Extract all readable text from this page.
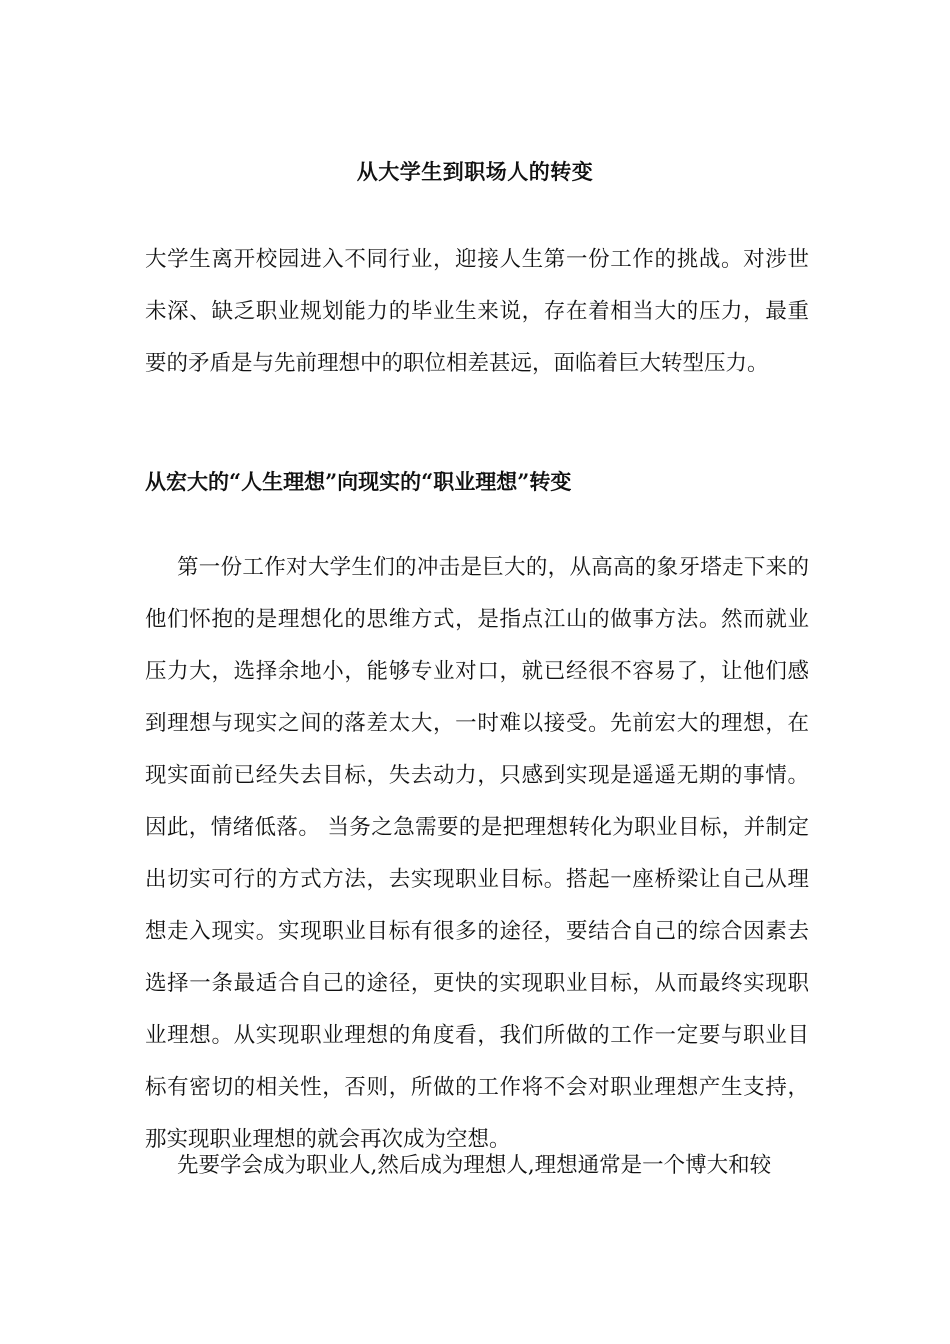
从大学生到职场人的转变
大学生离开校园进入不同行业，迎接人生第一份工作的挑战。对涉世未深、缺乏职业规划能力的毕业生来说，存在着相当大的压力，最重要的矛盾是与先前理想中的职位相差甚远，面临着巨大转型压力。
从宏大的“人生理想”向现实的“职业理想”转变
第一份工作对大学生们的冲击是巨大的，从高高的象牙塔走下来的他们怀抱的是理想化的思维方式，是指点江山的做事方法。然而就业压力大，选择余地小，能够专业对口，就已经很不容易了，让他们感到理想与现实之间的落差太大，一时难以接受。先前宏大的理想，在现实面前已经失去目标，失去动力，只感到实现是遥遥无期的事情。因此，情绪低落。 当务之急需要的是把理想转化为职业目标，并制定出切实可行的方式方法，去实现职业目标。搭起一座桥梁让自己从理想走入现实。实现职业目标有很多的途径，要结合自己的综合因素去选择一条最适合自己的途径，更快的实现职业目标，从而最终实现职业理想。从实现职业理想的角度看，我们所做的工作一定要与职业目标有密切的相关性，否则，所做的工作将不会对职业理想产生支持，那实现职业理想的就会再次成为空想。
先要学会成为职业人,然后成为理想人,理想通常是一个博大和较
